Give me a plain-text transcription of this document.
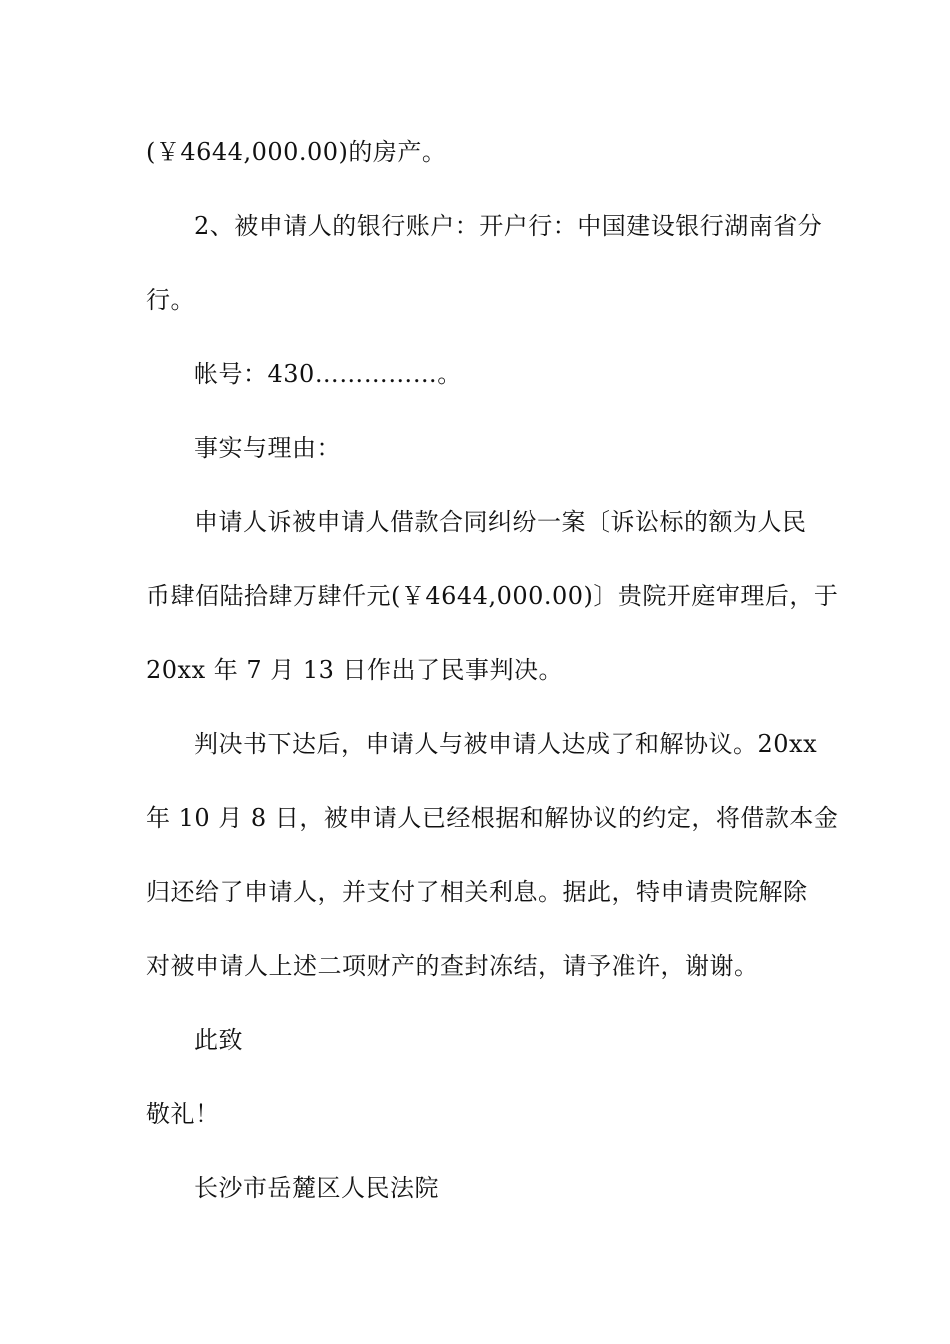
(￥4644,000.00)的房产。
2、被申请人的银行账户：开户行：中国建设银行湖南省分
行。
帐号：430……………。
事实与理由：
申请人诉被申请人借款合同纠纷一案〔诉讼标的额为人民
币肆佰陆拾肆万肆仟元(￥4644,000.00)〕贵院开庭审理后，于
20xx 年 7 月 13 日作出了民事判决。
判决书下达后，申请人与被申请人达成了和解协议。20xx
年 10 月 8 日，被申请人已经根据和解协议的约定，将借款本金
归还给了申请人，并支付了相关利息。据此，特申请贵院解除
对被申请人上述二项财产的查封冻结，请予准许，谢谢。
此致
敬礼！
长沙市岳麓区人民法院
